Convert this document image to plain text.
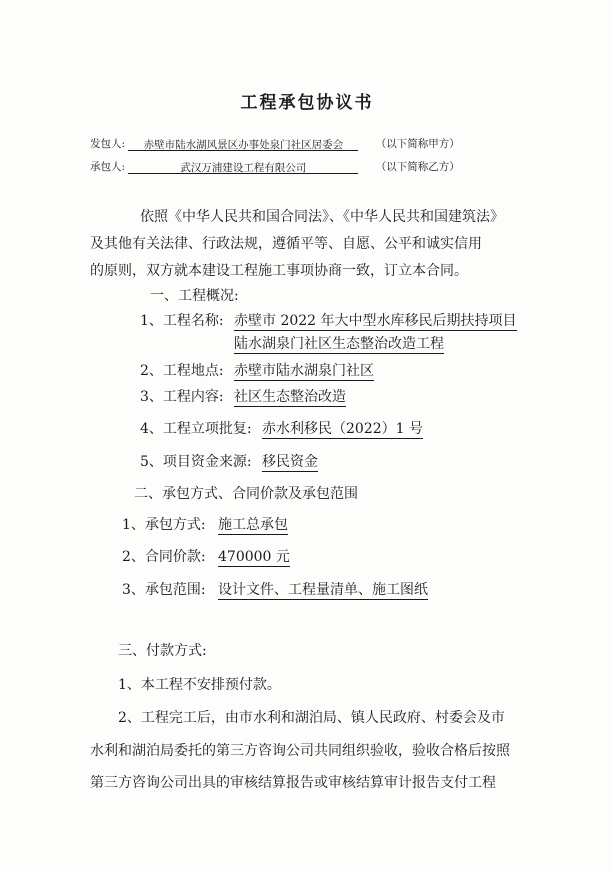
工程承包协议书
发包人: 赤壁市陆水湖风景区办事处泉门社区居委会	（以下简称甲方）
承包人:	武汉万浦建设工程有限公司	（以下简称乙方）
依照《中华人民共和国合同法》、《中华人民共和国建筑法》
及其他有关法律、行政法规，遵循平等、自愿、公平和诚实信用
的原则，双方就本建设工程施工事项协商一致，订立本合同。
一、工程概况:
1、工程名称: 赤壁市 2022 年大中型水库移民后期扶持项目
陆水湖泉门社区生态整治改造工程
2、工程地点: 赤壁市陆水湖泉门社区
3、工程内容: 社区生态整治改造
4、工程立项批复: 赤水利移民（2022）1 号
5、项目资金来源: 移民资金
二、承包方式、合同价款及承包范围
1、承包方式: 施工总承包
2、合同价款: 470000 元
3、承包范围: 设计文件、工程量清单、施工图纸
三、付款方式:
1、本工程不安排预付款。
2、工程完工后，由市水利和湖泊局、镇人民政府、村委会及市
水利和湖泊局委托的第三方咨询公司共同组织验收，验收合格后按照
第三方咨询公司出具的审核结算报告或审核结算审计报告支付工程
